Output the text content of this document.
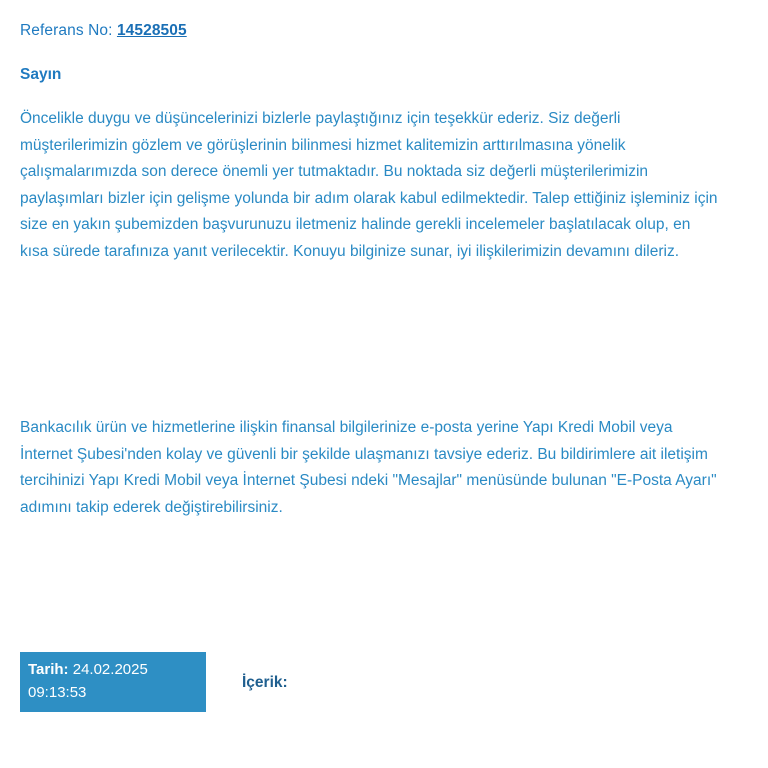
Referans No: 14528505
Sayın
Öncelikle duygu ve düşüncelerinizi bizlerle paylaştığınız için teşekkür ederiz. Siz değerli müşterilerimizin gözlem ve görüşlerinin bilinmesi hizmet kalitemizin arttırılmasına yönelik çalışmalarımızda son derece önemli yer tutmaktadır. Bu noktada siz değerli müşterilerimizin paylaşımları bizler için gelişme yolunda bir adım olarak kabul edilmektedir. Talep ettiğiniz işleminiz için size en yakın şubemizden başvurunuzu iletmeniz halinde gerekli incelemeler başlatılacak olup, en kısa sürede tarafınıza yanıt verilecektir. Konuyu bilginize sunar, iyi ilişkilerimizin devamını dileriz.
Bankacılık ürün ve hizmetlerine ilişkin finansal bilgilerinize e-posta yerine Yapı Kredi Mobil veya İnternet Şubesi'nden kolay ve güvenli bir şekilde ulaşmanızı tavsiye ederiz. Bu bildirimlere ait iletişim tercihinizi Yapı Kredi Mobil veya İnternet Şubesi ndeki "Mesajlar" menüsünde bulunan "E-Posta Ayarı" adımını takip ederek değiştirebilirsiniz.
Tarih: 24.02.2025
09:13:53
İçerik:
